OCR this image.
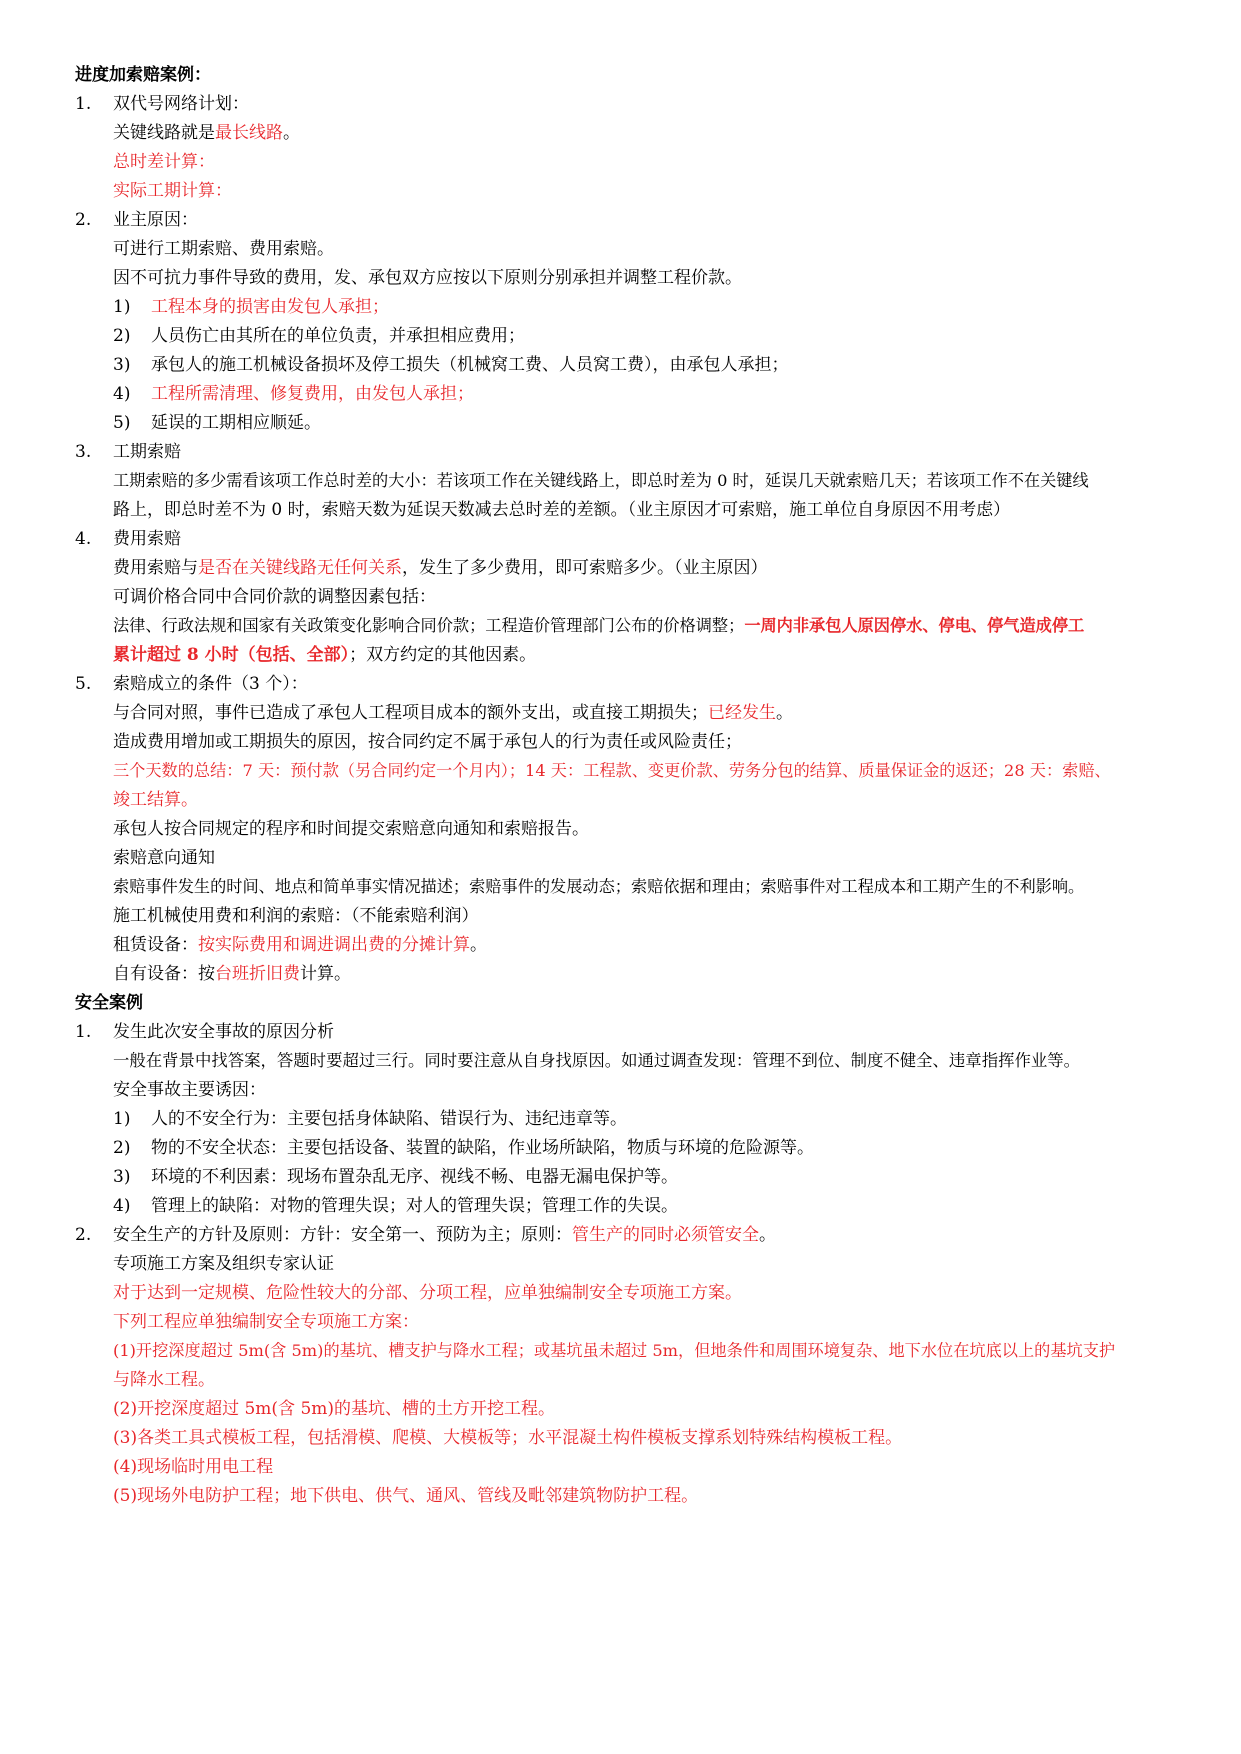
进度加索赔案例：
1. 双代号网络计划：
关键线路就是最长线路。
总时差计算：
实际工期计算：
2. 业主原因：
可进行工期索赔、费用索赔。
因不可抗力事件导致的费用，发、承包双方应按以下原则分别承担并调整工程价款。
1) 工程本身的损害由发包人承担；
2) 人员伤亡由其所在的单位负责，并承担相应费用；
3) 承包人的施工机械设备损坏及停工损失（机械窝工费、人员窝工费），由承包人承担；
4) 工程所需清理、修复费用，由发包人承担；
5) 延误的工期相应顺延。
3. 工期索赔
工期索赔的多少需看该项工作总时差的大小：若该项工作在关键线路上，即总时差为 0 时，延误几天就索赔几天；若该项工作不在关键线
路上，即总时差不为 0 时，索赔天数为延误天数减去总时差的差额。（业主原因才可索赔，施工单位自身原因不用考虑）
4. 费用索赔
费用索赔与是否在关键线路无任何关系，发生了多少费用，即可索赔多少。（业主原因）
可调价格合同中合同价款的调整因素包括：
法律、行政法规和国家有关政策变化影响合同价款；工程造价管理部门公布的价格调整；一周内非承包人原因停水、停电、停气造成停工
累计超过 8 小时（包括、全部）；双方约定的其他因素。
5. 索赔成立的条件（3 个）：
与合同对照，事件已造成了承包人工程项目成本的额外支出，或直接工期损失；已经发生。
造成费用增加或工期损失的原因，按合同约定不属于承包人的行为责任或风险责任；
三个天数的总结：7 天：预付款（另合同约定一个月内）；14 天：工程款、变更价款、劳务分包的结算、质量保证金的返还；28 天：索赔、
竣工结算。
承包人按合同规定的程序和时间提交索赔意向通知和索赔报告。
索赔意向通知
索赔事件发生的时间、地点和简单事实情况描述；索赔事件的发展动态；索赔依据和理由；索赔事件对工程成本和工期产生的不利影响。
施工机械使用费和利润的索赔：（不能索赔利润）
租赁设备：按实际费用和调进调出费的分摊计算。
自有设备：按台班折旧费计算。
安全案例
1. 发生此次安全事故的原因分析
一般在背景中找答案，答题时要超过三行。同时要注意从自身找原因。如通过调查发现：管理不到位、制度不健全、违章指挥作业等。
安全事故主要诱因：
1) 人的不安全行为：主要包括身体缺陷、错误行为、违纪违章等。
2) 物的不安全状态：主要包括设备、装置的缺陷，作业场所缺陷，物质与环境的危险源等。
3) 环境的不利因素：现场布置杂乱无序、视线不畅、电器无漏电保护等。
4) 管理上的缺陷：对物的管理失误；对人的管理失误；管理工作的失误。
2. 安全生产的方针及原则：方针：安全第一、预防为主；原则：管生产的同时必须管安全。
专项施工方案及组织专家认证
对于达到一定规模、危险性较大的分部、分项工程，应单独编制安全专项施工方案。
下列工程应单独编制安全专项施工方案：
(1)开挖深度超过 5m(含 5m)的基坑、槽支护与降水工程；或基坑虽未超过 5m，但地条件和周围环境复杂、地下水位在坑底以上的基坑支护
与降水工程。
(2)开挖深度超过 5m(含 5m)的基坑、槽的土方开挖工程。
(3)各类工具式模板工程，包括滑模、爬模、大模板等；水平混凝土构件模板支撑系划特殊结构模板工程。
(4)现场临时用电工程
(5)现场外电防护工程；地下供电、供气、通风、管线及毗邻建筑物防护工程。
